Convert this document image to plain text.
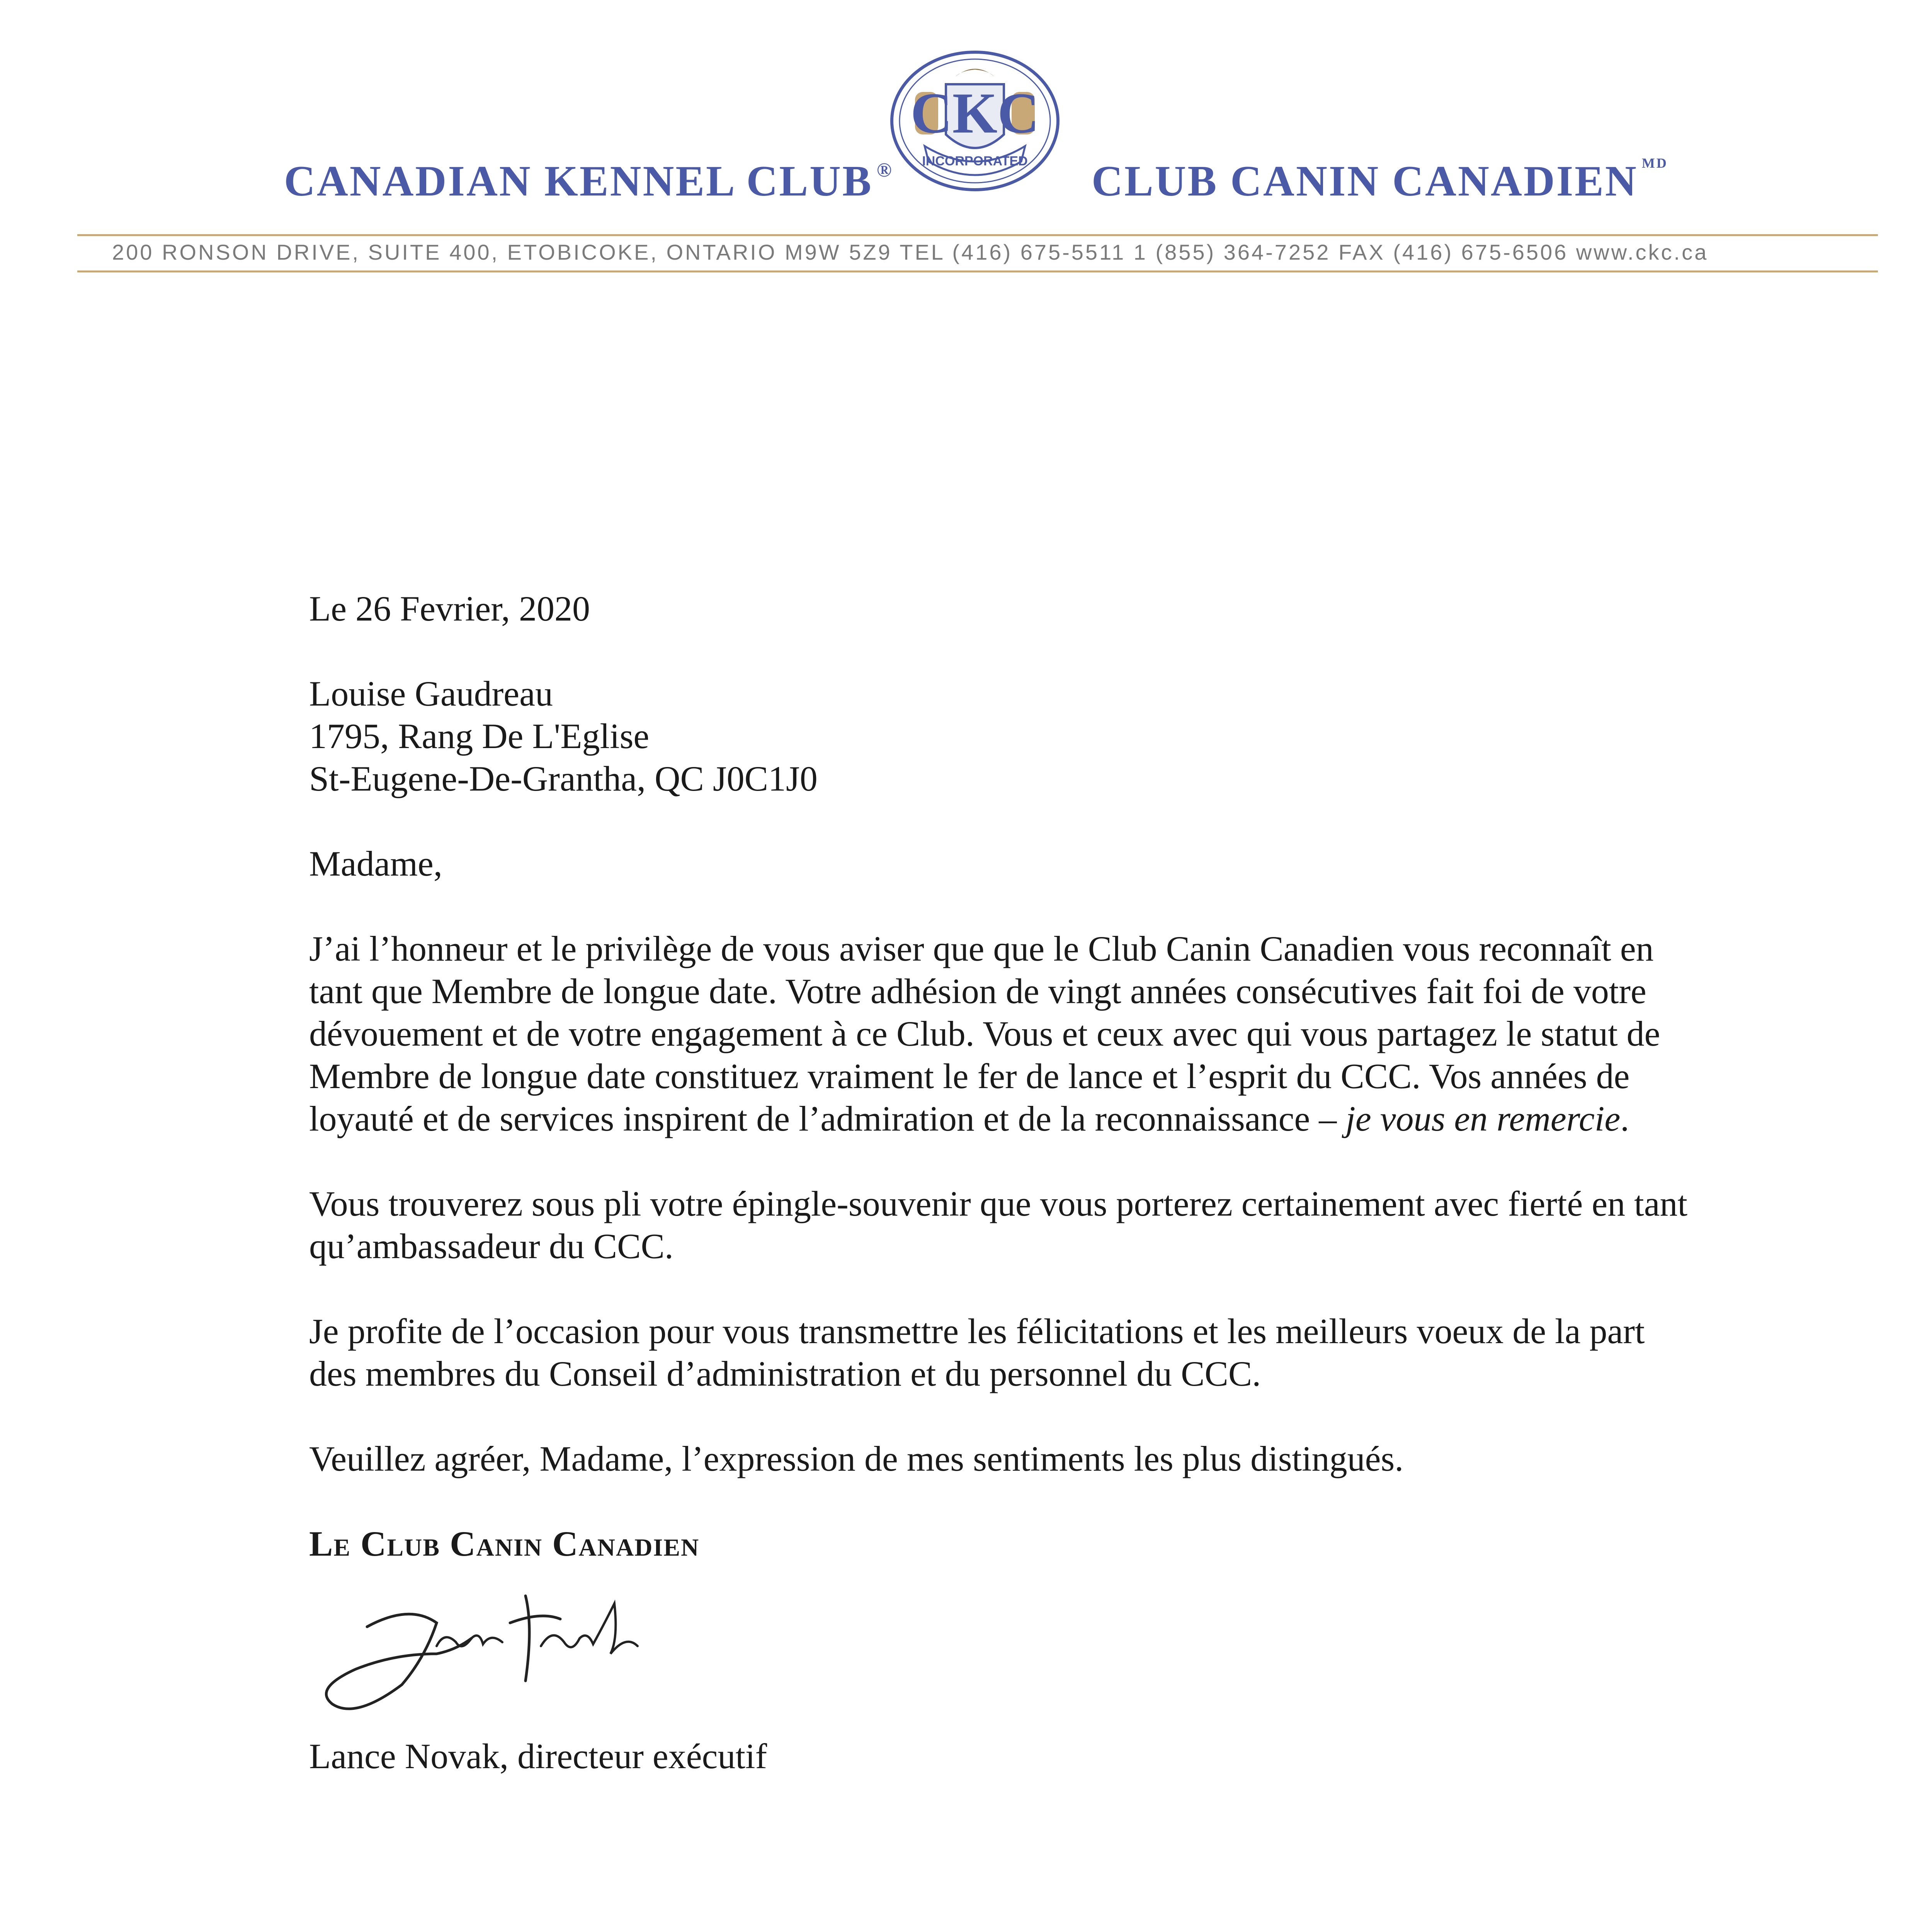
CANADIAN KENNEL CLUB ®
CKC
INCORPORATED CLUB CANIN CANADIEN $^{MD}$
200 RONSON DRIVE, SUITE 400, ETOBICOKE, ONTARIO M9W 5Z9 TEL (416) 675-5511 1 (855) 364-7252 FAX (416) 675-6506 www.ckc.ca

Le 26 Fevrier, 2020

Louise Gaudreau

1795, Rang De L'Eglise

St-Eugene-De-Grantha, QC J0C1J0

Madame,

J’ai l’honneur et le privilège de vous aviser que que le Club Canin Canadien vous reconnaît en tant que Membre de longue date. Votre adhésion de vingt années consécutives fait foi de votre dévouement et de votre engagement à ce Club. Vous et ceux avec qui vous partagez le statut de Membre de longue date constituez vraiment le fer de lance et l’esprit du CCC. Vos années de loyauté et de services inspirent de l’admiration et de la reconnaissance – je vous en remercie.

Vous trouverez sous pli votre épingle-souvenir que vous porterez certainement avec fierté en tant qu’ambassadeur du CCC.

Je profite de l’occasion pour vous transmettre les félicitations et les meilleurs voeux de la part des membres du Conseil d’administration et du personnel du CCC.

Veuillez agréer, Madame, l’expression de mes sentiments les plus distingués.

Le Club Canin Canadien

Lance Novak, directeur exécutif
